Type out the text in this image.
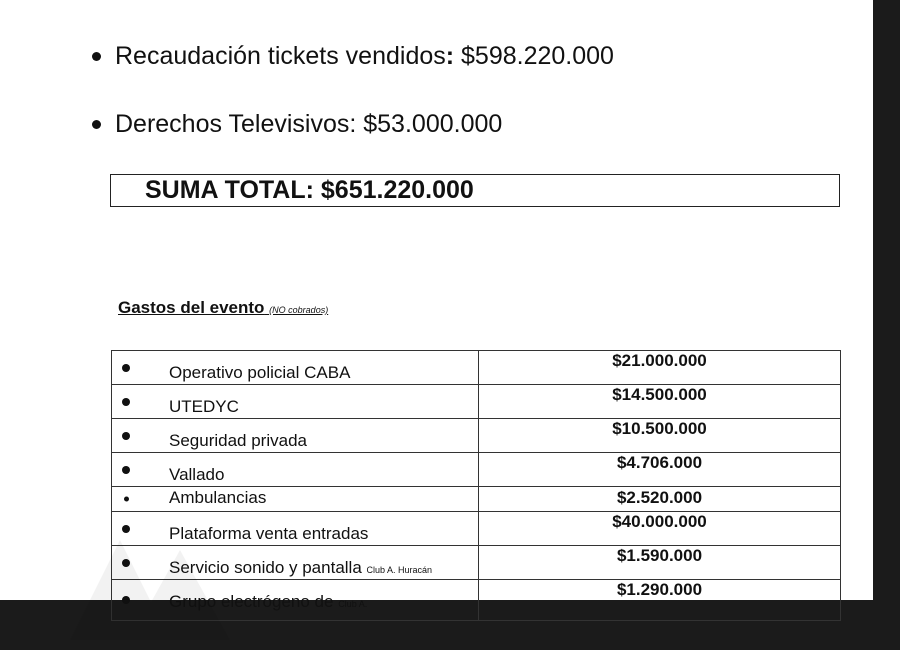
Recaudación tickets vendidos : $598.220.000
Derechos Televisivos: $53.000.000
SUMA TOTAL: $651.220.000
Gastos del evento (NO cobrados)
Operativo policial CABA	$21.000.000

UTEDYC	$14.500.000

Seguridad privada	$10.500.000

Vallado	$4.706.000

Ambulancias	$2.520.000

Plataforma venta entradas	$40.000.000

Servicio sonido y pantalla Club A. Huracán	$1.590.000

Grupo electrógeno de Club A.	$1.290.000
